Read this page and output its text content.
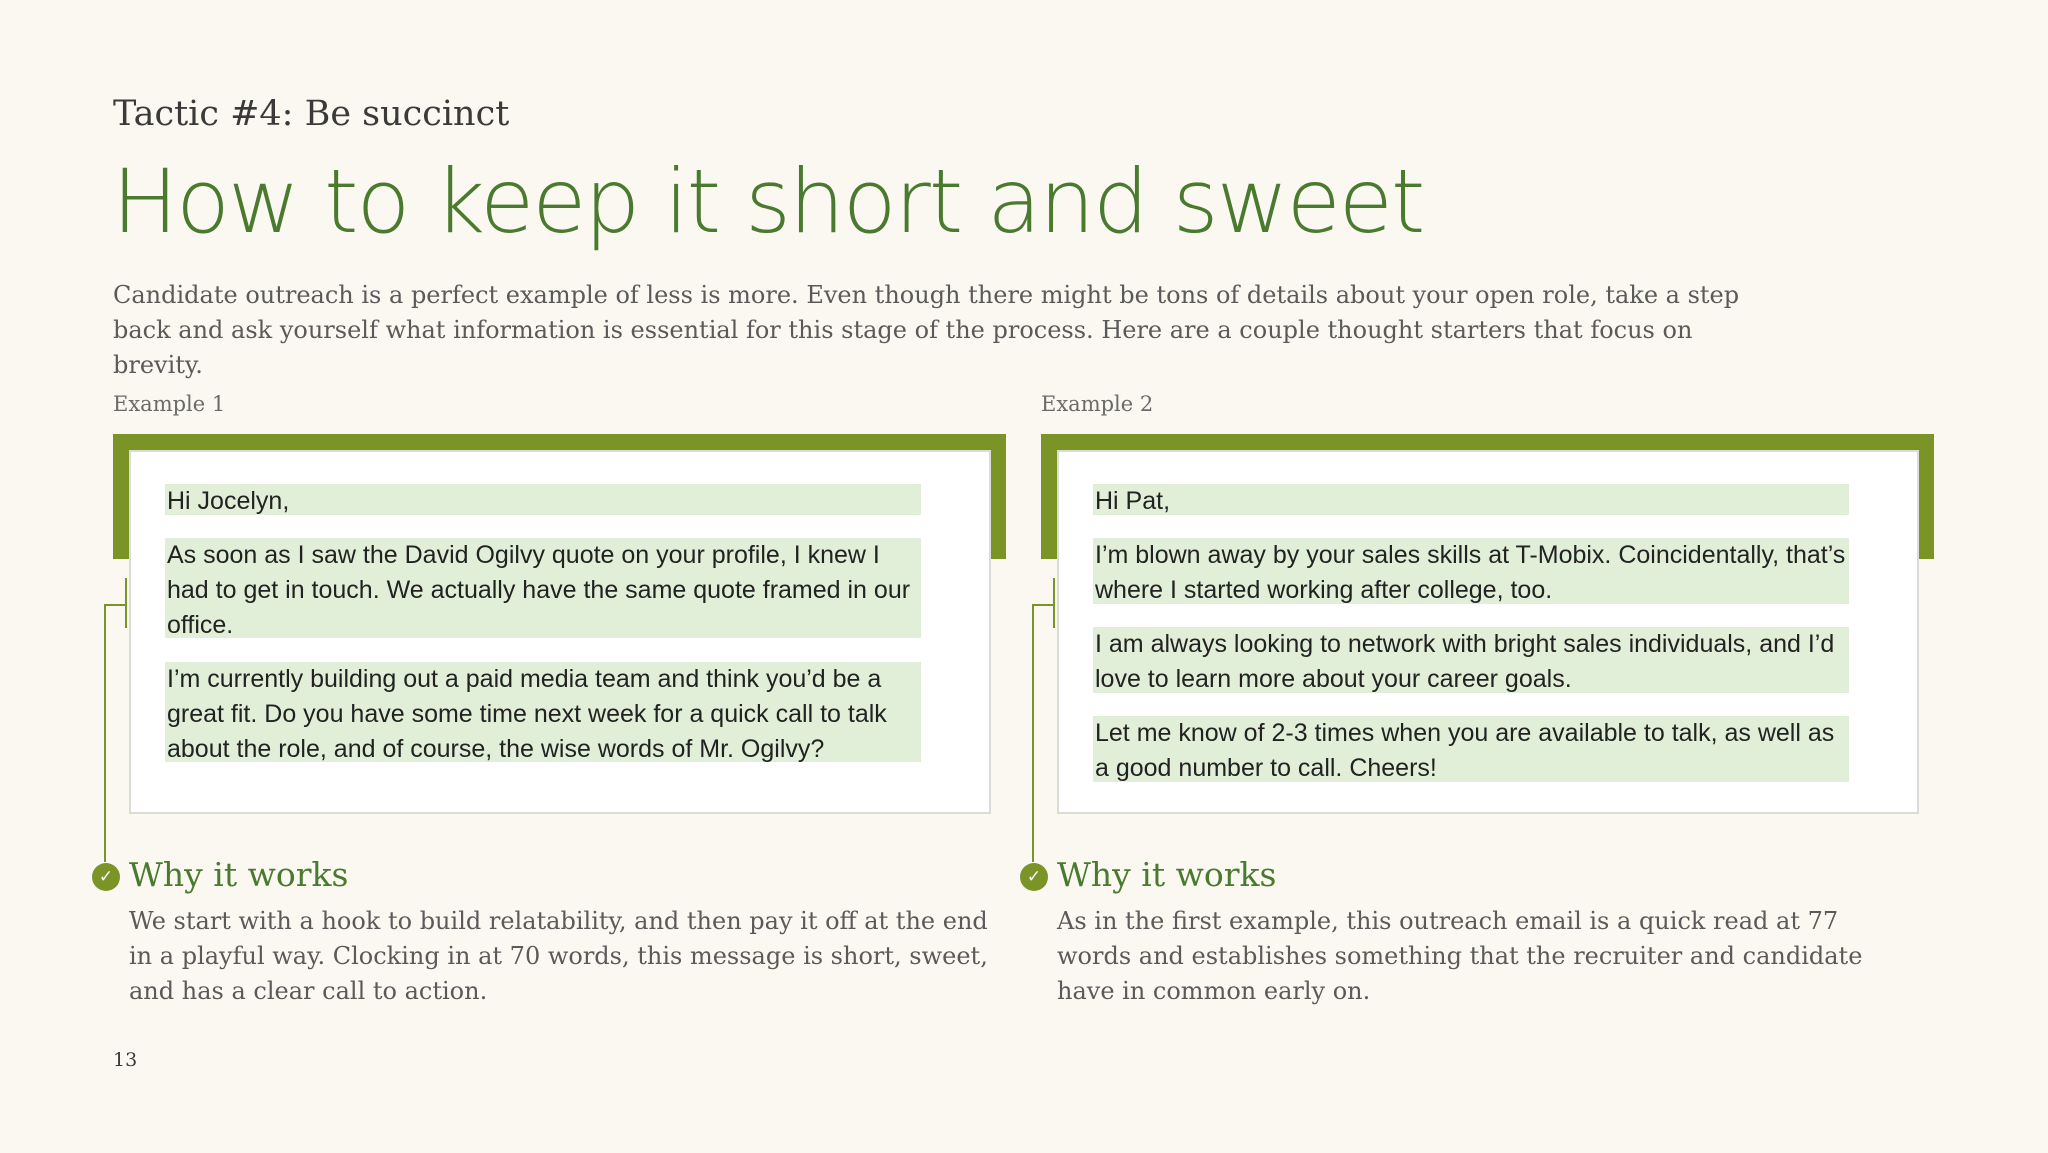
Tactic #4: Be succinct
How to keep it short and sweet
Candidate outreach is a perfect example of less is more. Even though there might be tons of details about your open role, take a step back and ask yourself what information is essential for this stage of the process. Here are a couple thought starters that focus on brevity.
Example 1
Hi Jocelyn,
As soon as I saw the David Ogilvy quote on your profile, I knew I had to get in touch. We actually have the same quote framed in our office.
I’m currently building out a paid media team and think you’d be a great fit. Do you have some time next week for a quick call to talk about the role, and of course, the wise words of Mr. Ogilvy?
✓ Why it works
We start with a hook to build relatability, and then pay it off at the end in a playful way. Clocking in at 70 words, this message is short, sweet, and has a clear call to action.
Example 2
Hi Pat,
I’m blown away by your sales skills at T-Mobix. Coincidentally, that’s where I started working after college, too.
I am always looking to network with bright sales individuals, and I’d love to learn more about your career goals.
Let me know of 2-3 times when you are available to talk, as well as a good number to call. Cheers!
✓ Why it works
As in the first example, this outreach email is a quick read at 77 words and establishes something that the recruiter and candidate have in common early on.
13
